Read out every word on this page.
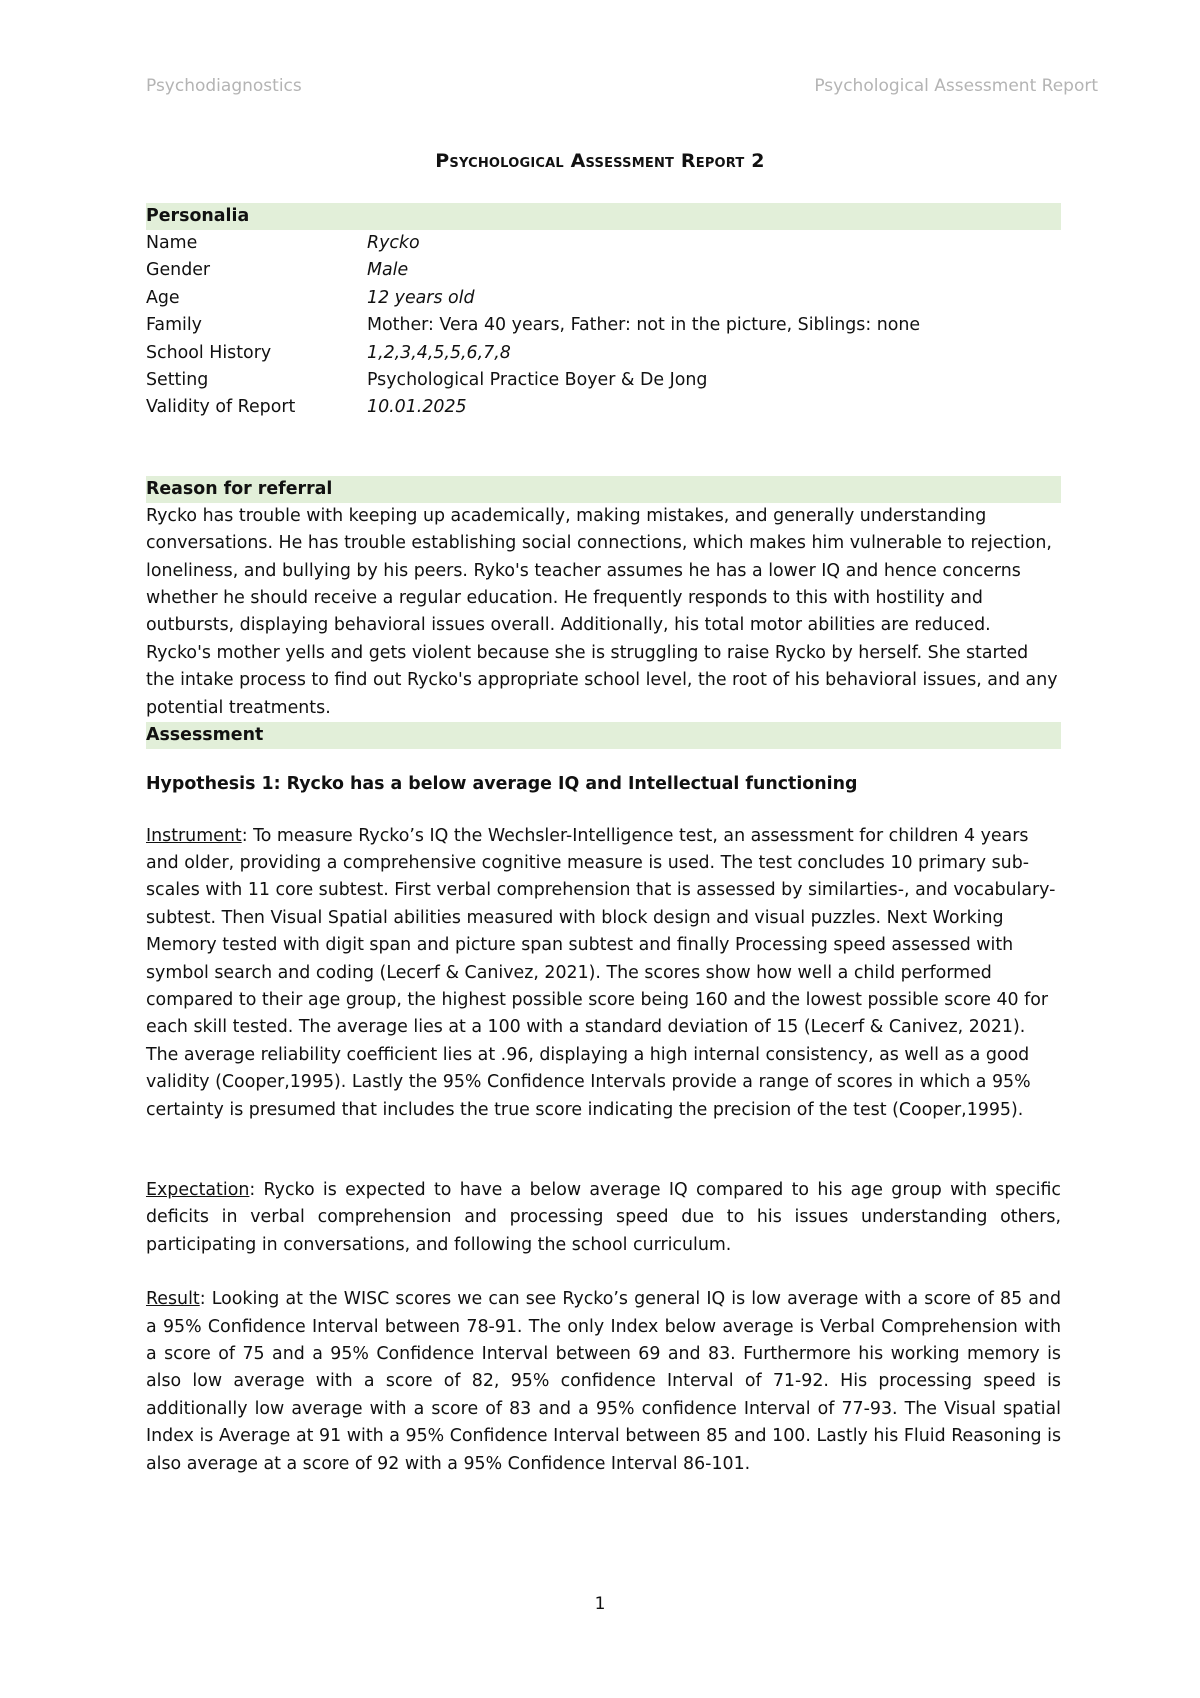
Psychodiagnostics	Psychological Assessment Report
Psychological Assessment Report 2
Personalia
Name	Rycko
Gender	Male
Age	12 years old
Family	Mother: Vera 40 years, Father: not in the picture, Siblings: none
School History	1,2,3,4,5,5,6,7,8
Setting	Psychological Practice Boyer & De Jong
Validity of Report	10.01.2025
Reason for referral

Rycko has trouble with keeping up academically, making mistakes, and generally understanding conversations. He has trouble establishing social connections, which makes him vulnerable to rejection, loneliness, and bullying by his peers. Ryko's teacher assumes he has a lower IQ and hence concerns whether he should receive a regular education. He frequently responds to this with hostility and outbursts, displaying behavioral issues overall. Additionally, his total motor abilities are reduced. Rycko's mother yells and gets violent because she is struggling to raise Rycko by herself. She started the intake process to find out Rycko's appropriate school level, the root of his behavioral issues, and any potential treatments.

Assessment
Hypothesis 1: Rycko has a below average IQ and Intellectual functioning

Instrument: To measure Rycko’s IQ the Wechsler-Intelligence test, an assessment for children 4 years and older, providing a comprehensive cognitive measure is used. The test concludes 10 primary sub-scales with 11 core subtest. First verbal comprehension that is assessed by similarties-, and vocabulary-subtest. Then Visual Spatial abilities measured with block design and visual puzzles. Next Working Memory tested with digit span and picture span subtest and finally Processing speed assessed with symbol search and coding (Lecerf & Canivez, 2021). The scores show how well a child performed compared to their age group, the highest possible score being 160 and the lowest possible score 40 for each skill tested. The average lies at a 100 with a standard deviation of 15 (Lecerf & Canivez, 2021). The average reliability coefficient lies at .96, displaying a high internal consistency, as well as a good validity (Cooper,1995). Lastly the 95% Confidence Intervals provide a range of scores in which a 95% certainty is presumed that includes the true score indicating the precision of the test (Cooper,1995).

Expectation: Rycko is expected to have a below average IQ compared to his age group with specific deficits in verbal comprehension and processing speed due to his issues understanding others, participating in conversations, and following the school curriculum.

Result: Looking at the WISC scores we can see Rycko’s general IQ is low average with a score of 85 and a 95% Confidence Interval between 78-91. The only Index below average is Verbal Comprehension with a score of 75 and a 95% Confidence Interval between 69 and 83. Furthermore his working memory is also low average with a score of 82, 95% confidence Interval of 71-92. His processing speed is additionally low average with a score of 83 and a 95% confidence Interval of 77-93. The Visual spatial Index is Average at 91 with a 95% Confidence Interval between 85 and 100. Lastly his Fluid Reasoning is also average at a score of 92 with a 95% Confidence Interval 86-101.

1
